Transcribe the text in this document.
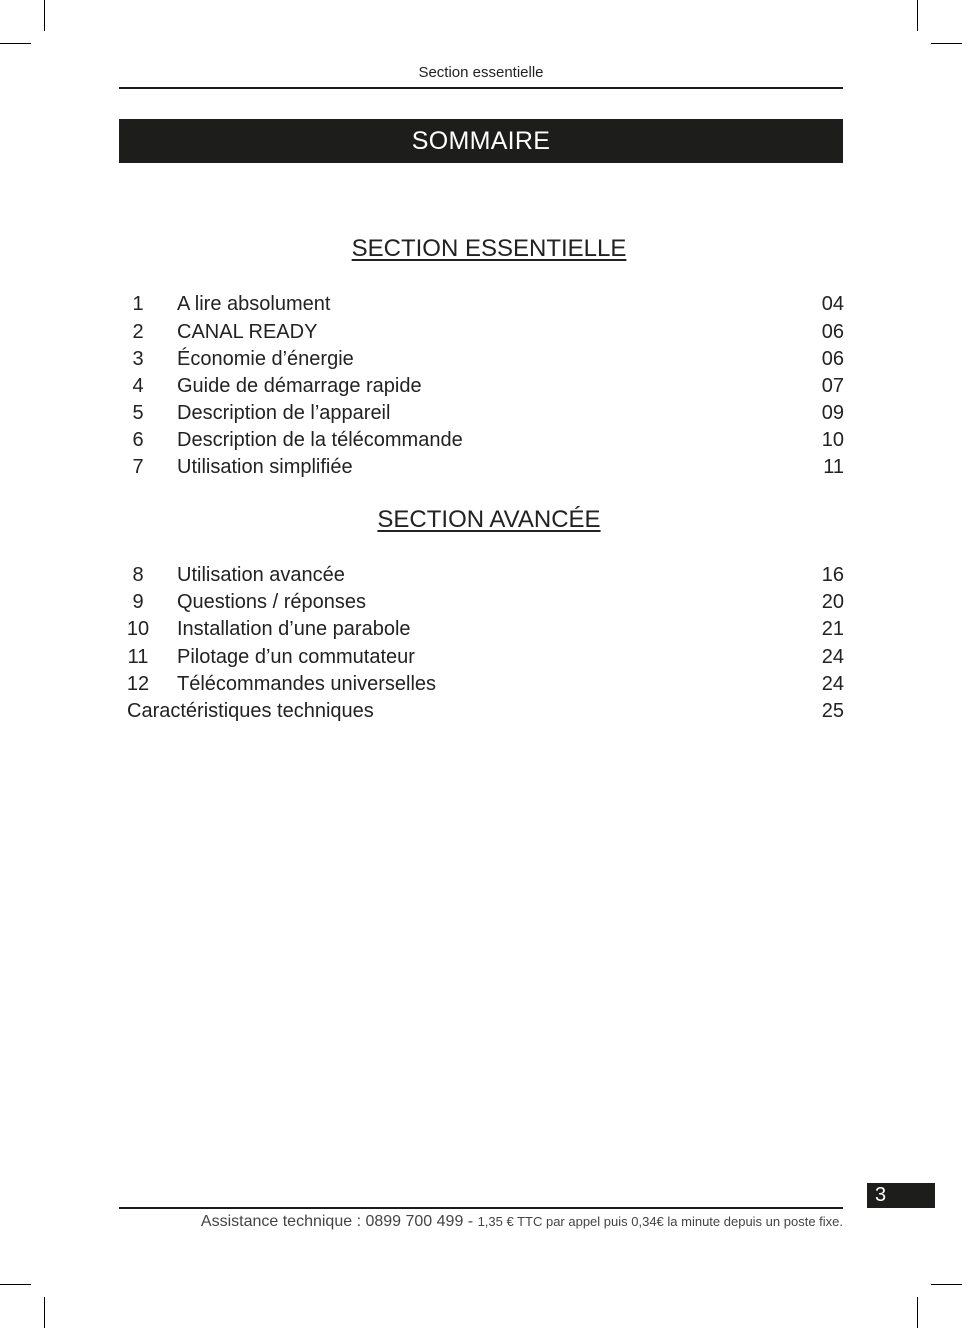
Section essentielle
SOMMAIRE
SECTION ESSENTIELLE
1	A lire absolument	04
2	CANAL READY	06
3	Économie d’énergie	06
4	Guide de démarrage rapide	07
5	Description de l’appareil	09
6	Description de la télécommande	10
7	Utilisation simplifiée	11
SECTION AVANCÉE
8	Utilisation avancée	16
9	Questions / réponses	20
10	Installation d’une parabole	21
11	Pilotage d’un commutateur	24
12	Télécommandes universelles	24
Caractéristiques techniques	25
3
Assistance technique : 0899 700 499 - 1,35 € TTC par appel puis 0,34€ la minute depuis un poste fixe.
